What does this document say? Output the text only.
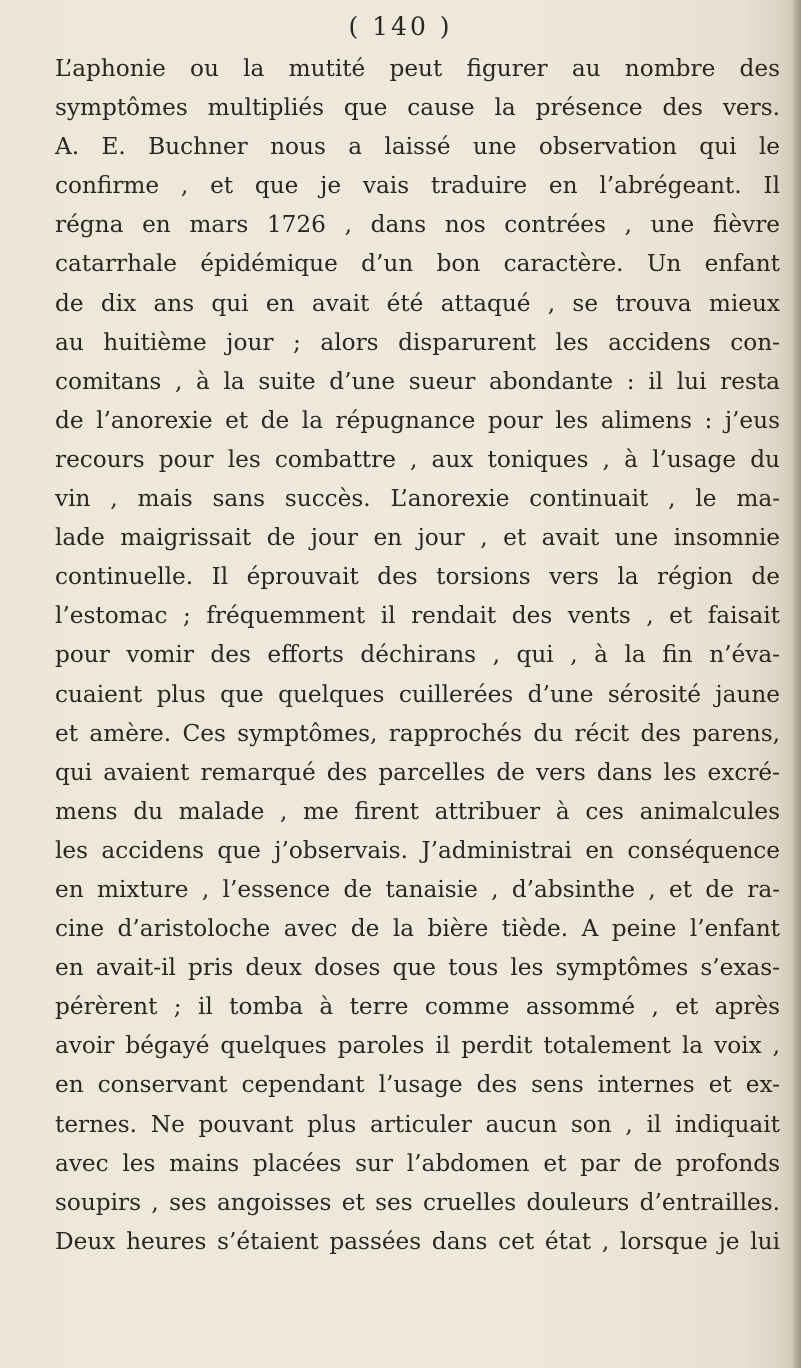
( 140 )
L’aphonie ou la mutité peut figurer au nombre des
symptômes multipliés que cause la présence des vers.
A. E. Buchner nous a laissé une observation qui le
confirme , et que je vais traduire en l’abrégeant. Il
régna en mars 1726 , dans nos contrées , une fièvre
catarrhale épidémique d’un bon caractère. Un enfant
de dix ans qui en avait été attaqué , se trouva mieux
au huitième jour ; alors disparurent les accidens con-
comitans , à la suite d’une sueur abondante : il lui resta
de l’anorexie et de la répugnance pour les alimens : j’eus
recours pour les combattre , aux toniques , à l’usage du
vin , mais sans succès. L’anorexie continuait , le ma-
lade maigrissait de jour en jour , et avait une insomnie
continuelle. Il éprouvait des torsions vers la région de
l’estomac ; fréquemment il rendait des vents , et faisait
pour vomir des efforts déchirans , qui , à la fin n’éva-
cuaient plus que quelques cuillerées d’une sérosité jaune
et amère. Ces symptômes, rapprochés du récit des parens,
qui avaient remarqué des parcelles de vers dans les excré-
mens du malade , me firent attribuer à ces animalcules
les accidens que j’observais. J’administrai en conséquence
en mixture , l’essence de tanaisie , d’absinthe , et de ra-
cine d’aristoloche avec de la bière tiède. A peine l’enfant
en avait-il pris deux doses que tous les symptômes s’exas-
pérèrent ; il tomba à terre comme assommé , et après
avoir bégayé quelques paroles il perdit totalement la voix ,
en conservant cependant l’usage des sens internes et ex-
ternes. Ne pouvant plus articuler aucun son , il indiquait
avec les mains placées sur l’abdomen et par de profonds
soupirs , ses angoisses et ses cruelles douleurs d’entrailles.
Deux heures s’étaient passées dans cet état , lorsque je lui
